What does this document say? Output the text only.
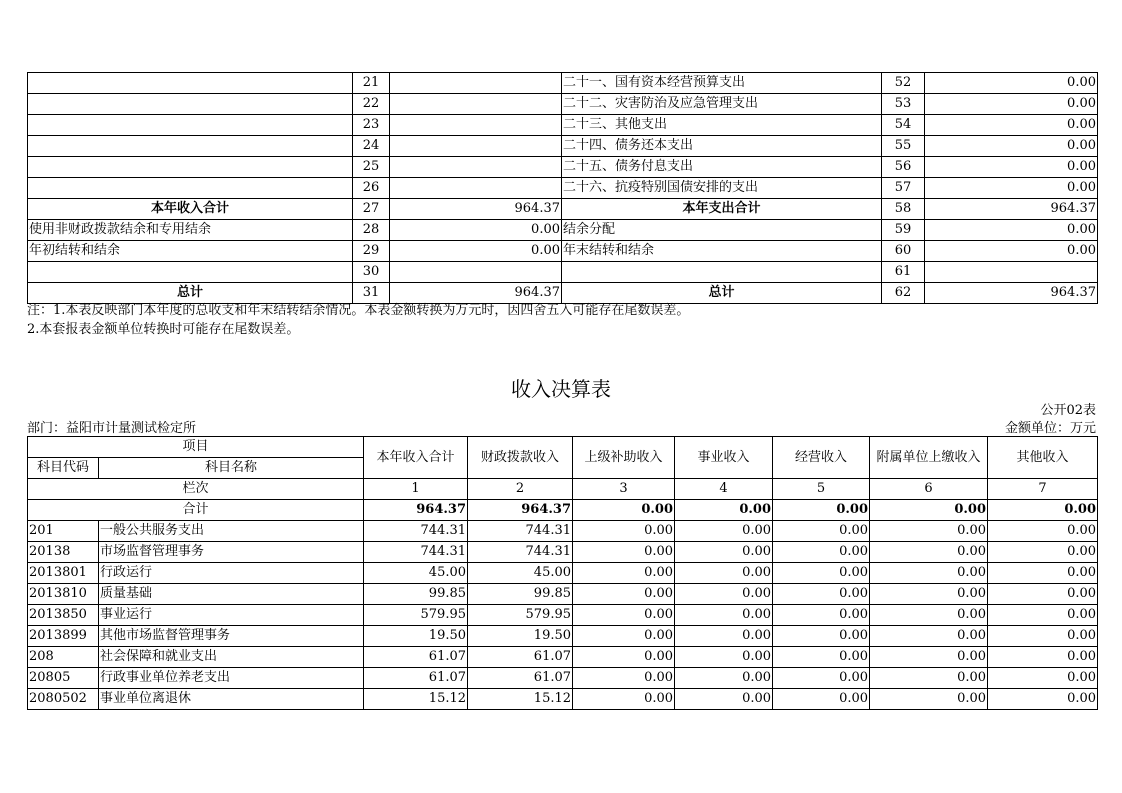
	21		二十一、国有资本经营预算支出	52	0.00
	22		二十二、灾害防治及应急管理支出	53	0.00
	23		二十三、其他支出	54	0.00
	24		二十四、债务还本支出	55	0.00
	25		二十五、债务付息支出	56	0.00
	26		二十六、抗疫特别国债安排的支出	57	0.00
本年收入合计	27	964.37	本年支出合计	58	964.37
使用非财政拨款结余和专用结余	28	0.00	结余分配	59	0.00
年初结转和结余	29	0.00	年末结转和结余	60	0.00
	30			61	
总计	31	964.37	总计	62	964.37
注：1.本表反映部门本年度的总收支和年末结转结余情况。本表金额转换为万元时，因四舍五入可能存在尾数误差。
2.本套报表金额单位转换时可能存在尾数误差。
收入决算表
公开02表
部门：益阳市计量测试检定所	金额单位：万元
项目		本年收入合计	财政拨款收入	上级补助收入	事业收入	经营收入	附属单位上缴收入	其他收入
科目代码	科目名称							
栏次		1	2	3	4	5	6	7
合计		964.37	964.37	0.00	0.00	0.00	0.00	0.00
201	一般公共服务支出	744.31	744.31	0.00	0.00	0.00	0.00	0.00
20138	市场监督管理事务	744.31	744.31	0.00	0.00	0.00	0.00	0.00
2013801	行政运行	45.00	45.00	0.00	0.00	0.00	0.00	0.00
2013810	质量基础	99.85	99.85	0.00	0.00	0.00	0.00	0.00
2013850	事业运行	579.95	579.95	0.00	0.00	0.00	0.00	0.00
2013899	其他市场监督管理事务	19.50	19.50	0.00	0.00	0.00	0.00	0.00
208	社会保障和就业支出	61.07	61.07	0.00	0.00	0.00	0.00	0.00
20805	行政事业单位养老支出	61.07	61.07	0.00	0.00	0.00	0.00	0.00
2080502	事业单位离退休	15.12	15.12	0.00	0.00	0.00	0.00	0.00
